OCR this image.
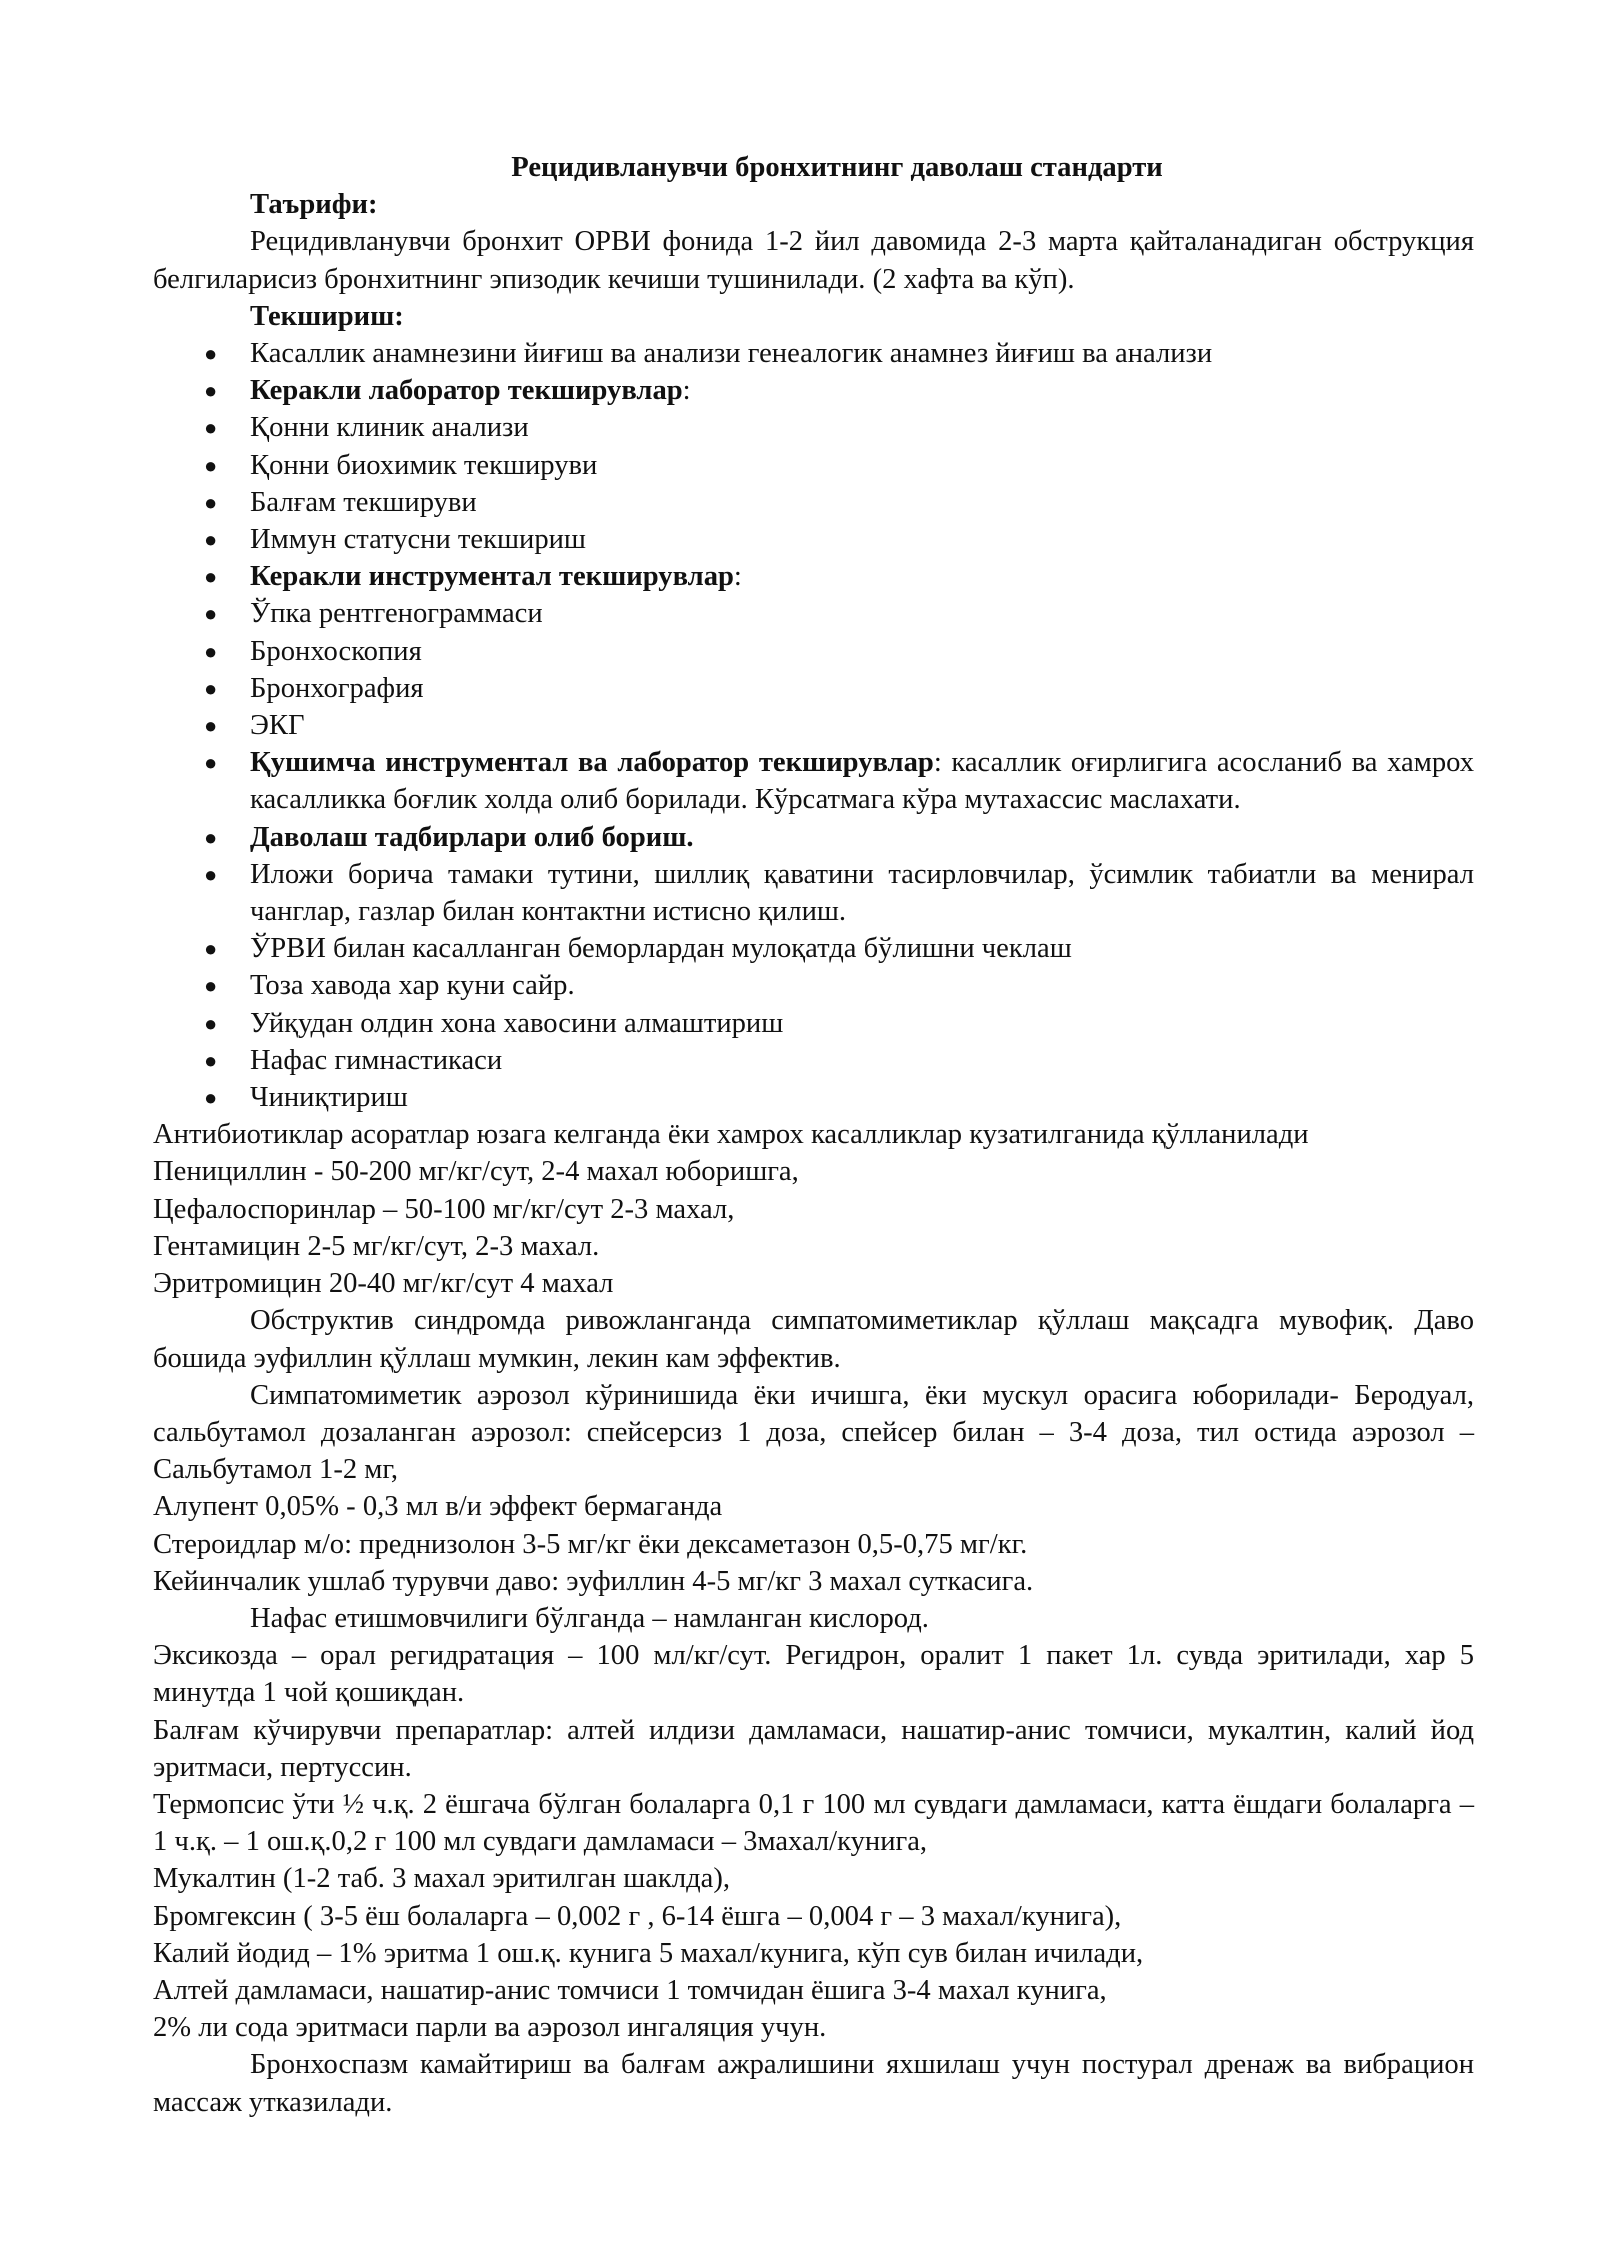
Рецидивланувчи бронхитнинг даволаш стандарти
Таърифи:
Рецидивланувчи бронхит ОРВИ фонида 1-2 йил давомида 2-3 марта қайталанадиган обструкция белгиларисиз бронхитнинг эпизодик кечиши тушинилади. (2 хафта ва кўп).
Текшириш:
● Касаллик анамнезини йиғиш ва анализи генеалогик анамнез йиғиш ва анализи
● Керакли лаборатор текширувлар:
● Қонни клиник анализи
● Қонни биохимик текшируви
● Балғам текшируви
● Иммун статусни текшириш
● Керакли инструментал текширувлар:
● Ўпка рентгенограммаси
● Бронхоскопия
● Бронхография
● ЭКГ
● Қушимча инструментал ва лаборатор текширувлар: касаллик оғирлигига асосланиб ва хамрох касалликка боғлик холда олиб борилади. Кўрсатмага кўра мутахассис маслахати.
● Даволаш тадбирлари олиб бориш.
● Иложи борича тамаки тутини, шиллиқ қаватини тасирловчилар, ўсимлик табиатли ва менирал чанглар, газлар билан контактни истисно қилиш.
● ЎРВИ билан касалланган беморлардан мулоқатда бўлишни чеклаш
● Тоза хавода хар куни сайр.
● Уйқудан олдин хона хавосини алмаштириш
● Нафас гимнастикаси
● Чиниқтириш
Антибиотиклар асоратлар юзага келганда ёки хамрох касалликлар кузатилганида қўлланилади
Пенициллин - 50-200 мг/кг/сут, 2-4 махал юборишга,
Цефалоспоринлар – 50-100 мг/кг/сут 2-3 махал,
Гентамицин 2-5 мг/кг/сут, 2-3 махал.
Эритромицин 20-40 мг/кг/сут 4 махал
Обструктив синдромда ривожланганда симпатомиметиклар қўллаш мақсадга мувофиқ. Даво бошида эуфиллин қўллаш мумкин, лекин кам эффектив.
Симпатомиметик аэрозол кўринишида ёки ичишга, ёки мускул орасига юборилади- Беродуал, сальбутамол дозаланган аэрозол: спейсерсиз 1 доза, спейсер билан – 3-4 доза, тил остида аэрозол – Сальбутамол 1-2 мг,
Алупент 0,05% - 0,3 мл в/и эффект бермаганда
Стероидлар м/о: преднизолон 3-5 мг/кг ёки дексаметазон 0,5-0,75 мг/кг.
Кейинчалик ушлаб турувчи даво: эуфиллин 4-5 мг/кг 3 махал суткасига.
Нафас етишмовчилиги бўлганда – намланган кислород.
Эксикозда – орал регидратация – 100 мл/кг/сут. Регидрон, оралит 1 пакет 1л. сувда эритилади, хар 5 минутда 1 чой қошиқдан.
Балғам кўчирувчи препаратлар: алтей илдизи дамламаси, нашатир-анис томчиси, мукалтин, калий йод эритмаси, пертуссин.
Термопсис ўти ½ ч.қ. 2 ёшгача бўлган болаларга 0,1 г 100 мл сувдаги дамламаси, катта ёшдаги болаларга – 1 ч.қ. – 1 ош.қ.0,2 г 100 мл сувдаги дамламаси – 3махал/кунига,
Мукалтин (1-2 таб. 3 махал эритилган шаклда),
Бромгексин ( 3-5 ёш болаларга – 0,002 г , 6-14 ёшга – 0,004 г – 3 махал/кунига),
Калий йодид – 1% эритма 1 ош.қ. кунига 5 махал/кунига, кўп сув билан ичилади,
Алтей дамламаси, нашатир-анис томчиси 1 томчидан ёшига 3-4 махал кунига,
2% ли сода эритмаси парли ва аэрозол ингаляция учун.
Бронхоспазм камайтириш ва балғам ажралишини яхшилаш учун постурал дренаж ва вибрацион массаж утказилади.
